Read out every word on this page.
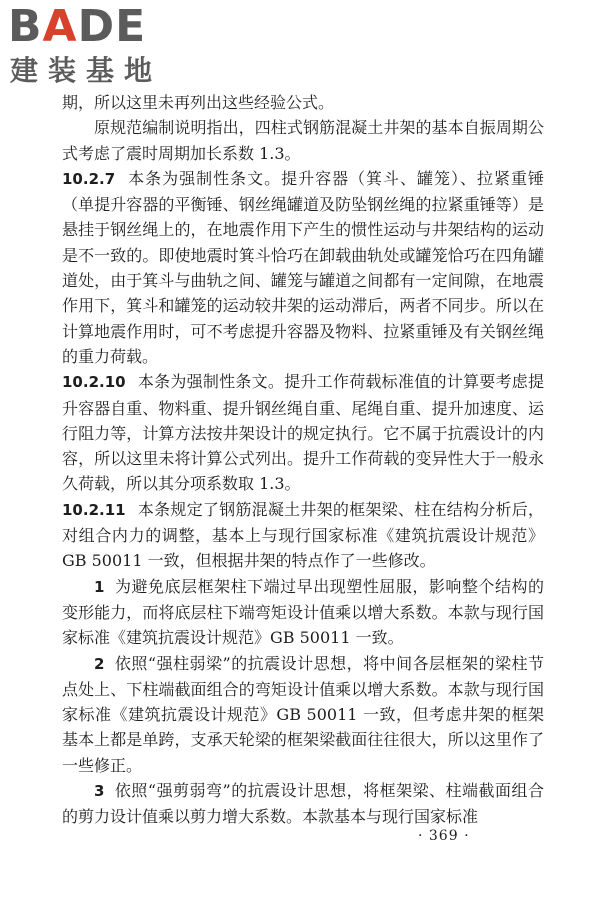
BADE
建装基地

期，所以这里未再列出这些经验公式。

原规范编制说明指出，四柱式钢筋混凝土井架的基本自振周期公式考虑了震时周期加长系数 1.3。

10.2.7 本条为强制性条文。提升容器（箕斗、罐笼）、拉紧重锤（单提升容器的平衡锤、钢丝绳罐道及防坠钢丝绳的拉紧重锤等）是悬挂于钢丝绳上的，在地震作用下产生的惯性运动与井架结构的运动是不一致的。即使地震时箕斗恰巧在卸载曲轨处或罐笼恰巧在四角罐道处，由于箕斗与曲轨之间、罐笼与罐道之间都有一定间隙，在地震作用下，箕斗和罐笼的运动较井架的运动滞后，两者不同步。所以在计算地震作用时，可不考虑提升容器及物料、拉紧重锤及有关钢丝绳的重力荷载。

10.2.10 本条为强制性条文。提升工作荷载标准值的计算要考虑提升容器自重、物料重、提升钢丝绳自重、尾绳自重、提升加速度、运行阻力等，计算方法按井架设计的规定执行。它不属于抗震设计的内容，所以这里未将计算公式列出。提升工作荷载的变异性大于一般永久荷载，所以其分项系数取 1.3。

10.2.11 本条规定了钢筋混凝土井架的框架梁、柱在结构分析后，对组合内力的调整，基本上与现行国家标准《建筑抗震设计规范》GB 50011 一致，但根据井架的特点作了一些修改。

1 为避免底层框架柱下端过早出现塑性屈服，影响整个结构的变形能力，而将底层柱下端弯矩设计值乘以增大系数。本款与现行国家标准《建筑抗震设计规范》GB 50011 一致。

2 依照“强柱弱梁”的抗震设计思想，将中间各层框架的梁柱节点处上、下柱端截面组合的弯矩设计值乘以增大系数。本款与现行国家标准《建筑抗震设计规范》GB 50011 一致，但考虑井架的框架基本上都是单跨，支承天轮梁的框架梁截面往往很大，所以这里作了一些修正。

3 依照“强剪弱弯”的抗震设计思想，将框架梁、柱端截面组合的剪力设计值乘以剪力增大系数。本款基本与现行国家标准

· 369 ·
